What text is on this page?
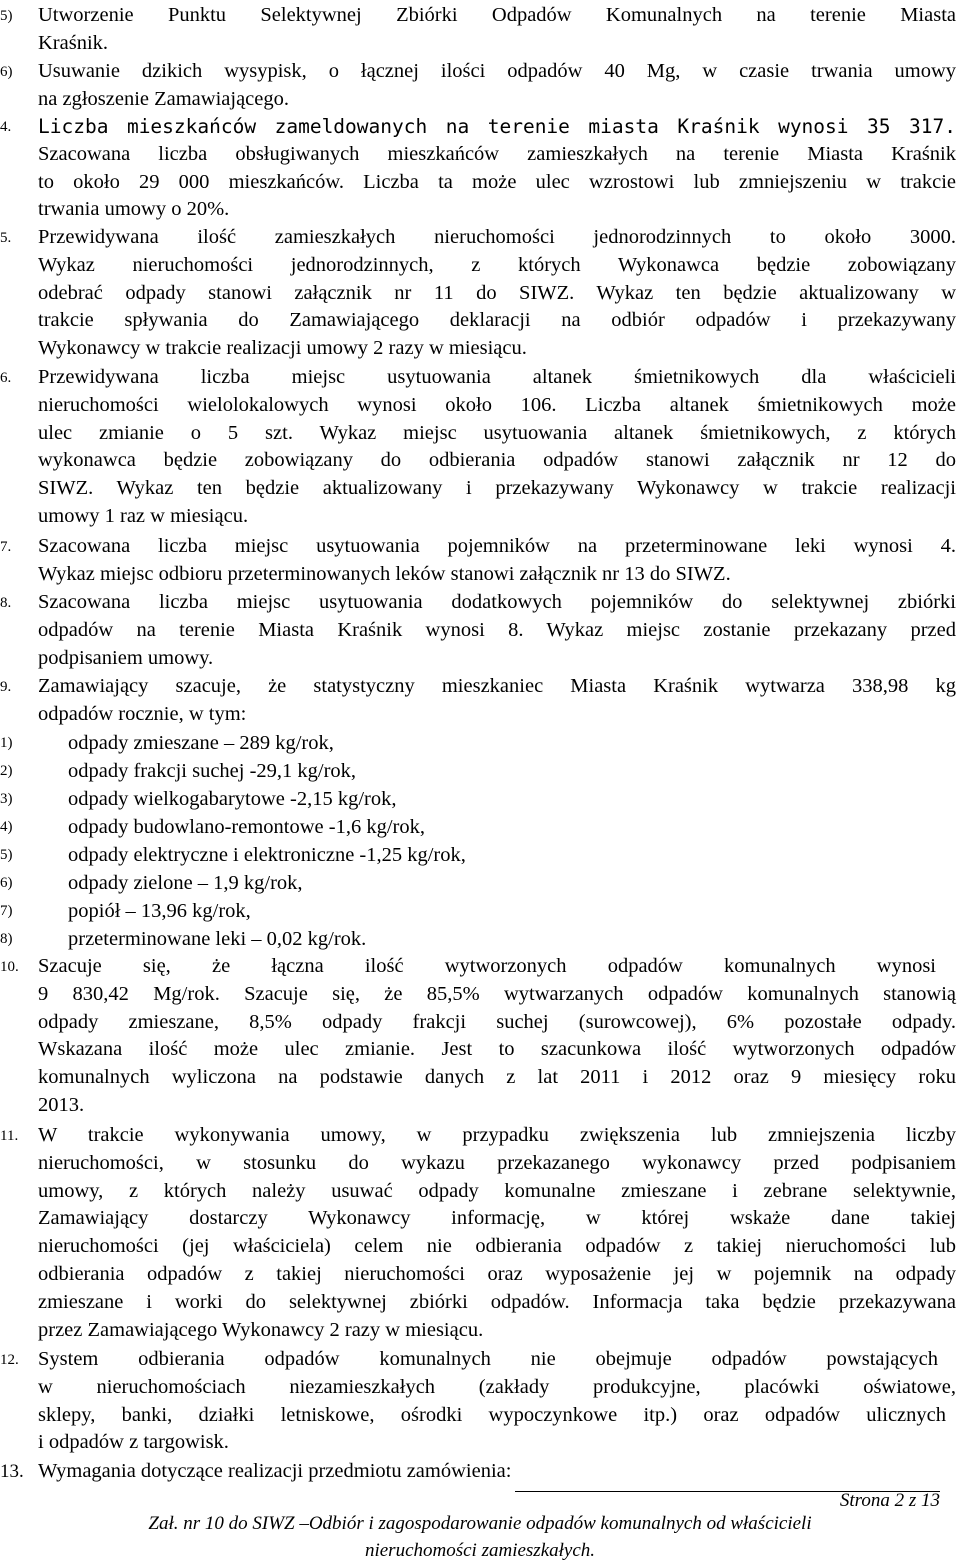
5)	Utworzenie Punktu Selektywnej Zbiórki Odpadów Komunalnych na terenie Miasta
Kraśnik.
6)	Usuwanie dzikich wysypisk, o łącznej ilości odpadów 40 Mg, w czasie trwania umowy
na zgłoszenie Zamawiającego.
4.	Liczba mieszkańców zameldowanych na terenie miasta Kraśnik wynosi 35 317.
Szacowana liczba obsługiwanych mieszkańców zamieszkałych na terenie Miasta Kraśnik
to około 29 000 mieszkańców. Liczba ta może ulec wzrostowi lub zmniejszeniu w trakcie
trwania umowy o 20%.
5.	Przewidywana ilość zamieszkałych nieruchomości jednorodzinnych to około 3000.
Wykaz nieruchomości jednorodzinnych, z których Wykonawca będzie zobowiązany
odebrać odpady stanowi załącznik nr 11 do SIWZ. Wykaz ten będzie aktualizowany w
trakcie spływania do Zamawiającego deklaracji na odbiór odpadów i przekazywany
Wykonawcy w trakcie realizacji umowy 2 razy w miesiącu.
6.	Przewidywana liczba miejsc usytuowania altanek śmietnikowych dla właścicieli
nieruchomości wielolokalowych wynosi około 106. Liczba altanek śmietnikowych może
ulec zmianie o 5 szt. Wykaz miejsc usytuowania altanek śmietnikowych, z których
wykonawca będzie zobowiązany do odbierania odpadów stanowi załącznik nr 12 do
SIWZ. Wykaz ten będzie aktualizowany i przekazywany Wykonawcy w trakcie realizacji
umowy 1 raz w miesiącu.
7.	Szacowana liczba miejsc usytuowania pojemników na przeterminowane leki wynosi 4.
Wykaz miejsc odbioru przeterminowanych leków stanowi załącznik nr 13 do SIWZ.
8.	Szacowana liczba miejsc usytuowania dodatkowych pojemników do selektywnej zbiórki
odpadów na terenie Miasta Kraśnik wynosi 8. Wykaz miejsc zostanie przekazany przed
podpisaniem umowy.
9.	Zamawiający szacuje, że statystyczny mieszkaniec Miasta Kraśnik wytwarza 338,98 kg
odpadów rocznie, w tym:
1)	odpady zmieszane – 289 kg/rok,
2)	odpady frakcji suchej -29,1 kg/rok,
3)	odpady wielkogabarytowe -2,15 kg/rok,
4)	odpady budowlano-remontowe -1,6 kg/rok,
5)	odpady elektryczne i elektroniczne -1,25 kg/rok,
6)	odpady zielone – 1,9 kg/rok,
7)	popiół – 13,96 kg/rok,
8)	przeterminowane leki – 0,02 kg/rok.
10. Szacuje się, że łączna ilość wytworzonych odpadów komunalnych wynosi
9 830,42 Mg/rok. Szacuje się, że 85,5% wytwarzanych odpadów komunalnych stanowią
odpady zmieszane, 8,5% odpady frakcji suchej (surowcowej), 6% pozostałe odpady.
Wskazana ilość może ulec zmianie. Jest to szacunkowa ilość wytworzonych odpadów
komunalnych wyliczona na podstawie danych z lat 2011 i 2012 oraz 9 miesięcy roku
2013.
11. W trakcie wykonywania umowy, w przypadku zwiększenia lub zmniejszenia liczby
nieruchomości, w stosunku do wykazu przekazanego wykonawcy przed podpisaniem
umowy, z których należy usuwać odpady komunalne zmieszane i zebrane selektywnie,
Zamawiający dostarczy Wykonawcy informację, w której wskaże dane takiej
nieruchomości (jej właściciela) celem nie odbierania odpadów z takiej nieruchomości lub
odbierania odpadów z takiej nieruchomości oraz wyposażenie jej w pojemnik na odpady
zmieszane i worki do selektywnej zbiórki odpadów. Informacja taka będzie przekazywana
przez Zamawiającego Wykonawcy 2 razy w miesiącu.
12. System odbierania odpadów komunalnych nie obejmuje odpadów powstających
w nieruchomościach niezamieszkałych (zakłady produkcyjne, placówki oświatowe,
sklepy, banki, działki letniskowe, ośrodki wypoczynkowe itp.) oraz odpadów ulicznych
i odpadów z targowisk.
13. Wymagania dotyczące realizacji przedmiotu zamówienia:
Strona 2 z 13
Zał. nr 10 do SIWZ –Odbiór i zagospodarowanie odpadów komunalnych od właścicieli
nieruchomości zamieszkałych.
